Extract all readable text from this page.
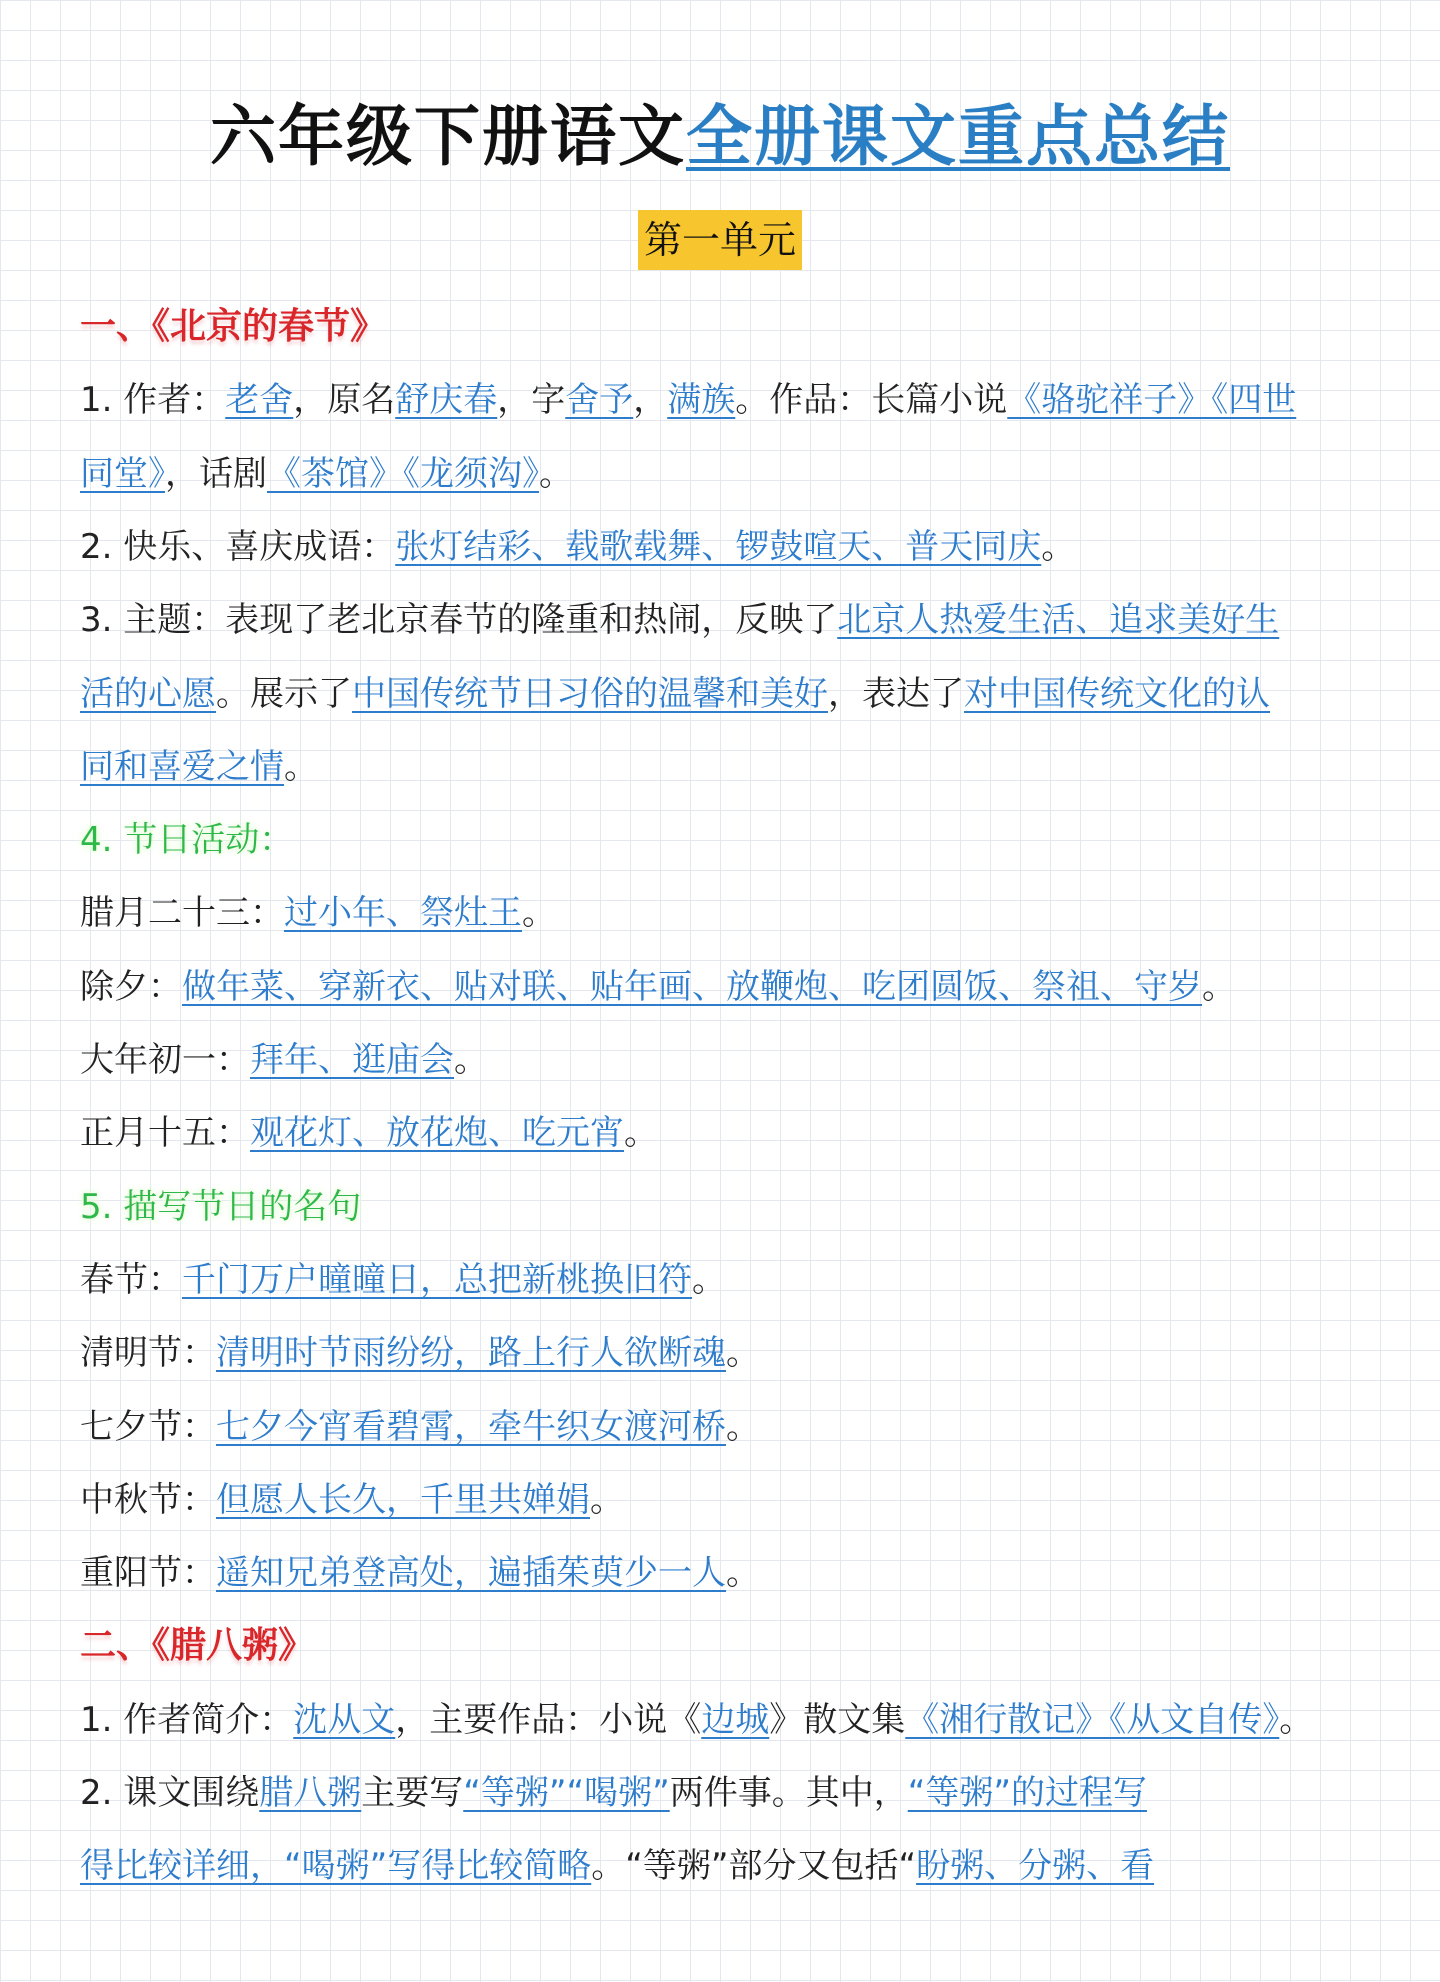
六年级下册语文全册课文重点总结
第一单元
一、《北京的春节》
1. 作者：老舍，原名舒庆春，字舍予，满族。作品：长篇小说《骆驼祥子》《四世
同堂》，话剧《茶馆》《龙须沟》。
2. 快乐、喜庆成语：张灯结彩、载歌载舞、锣鼓喧天、普天同庆。
3. 主题：表现了老北京春节的隆重和热闹，反映了北京人热爱生活、追求美好生
活的心愿。展示了中国传统节日习俗的温馨和美好，表达了对中国传统文化的认
同和喜爱之情。
4. 节日活动：
腊月二十三：过小年、祭灶王。
除夕：做年菜、穿新衣、贴对联、贴年画、放鞭炮、吃团圆饭、祭祖、守岁。
大年初一：拜年、逛庙会。
正月十五：观花灯、放花炮、吃元宵。
5. 描写节日的名句
春节：千门万户曈曈日，总把新桃换旧符。
清明节：清明时节雨纷纷，路上行人欲断魂。
七夕节：七夕今宵看碧霄，牵牛织女渡河桥。
中秋节：但愿人长久，千里共婵娟。
重阳节：遥知兄弟登高处，遍插茱萸少一人。
二、《腊八粥》
1. 作者简介：沈从文，主要作品：小说《边城》散文集《湘行散记》《从文自传》。
2. 课文围绕腊八粥主要写“等粥”“喝粥”两件事。其中，“等粥”的过程写
得比较详细，“喝粥”写得比较简略。“等粥”部分又包括“盼粥、分粥、看
